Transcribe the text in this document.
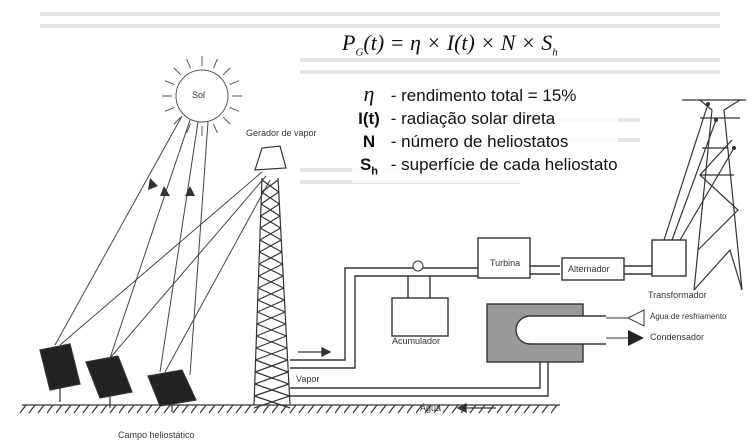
$P_G(t) = \eta \times I(t) \times N \times S_h$
η - rendimento total = 15%
I(t) - radiação solar direta
N - número de heliostatos
$S_h$ - superfície de cada heliostato
Sol
Gerador de vapor
Turbina
Alternador
Acumulador
Transformador
Água de resfriamento
Condensador
Vapor
Água
Campo heliostático
